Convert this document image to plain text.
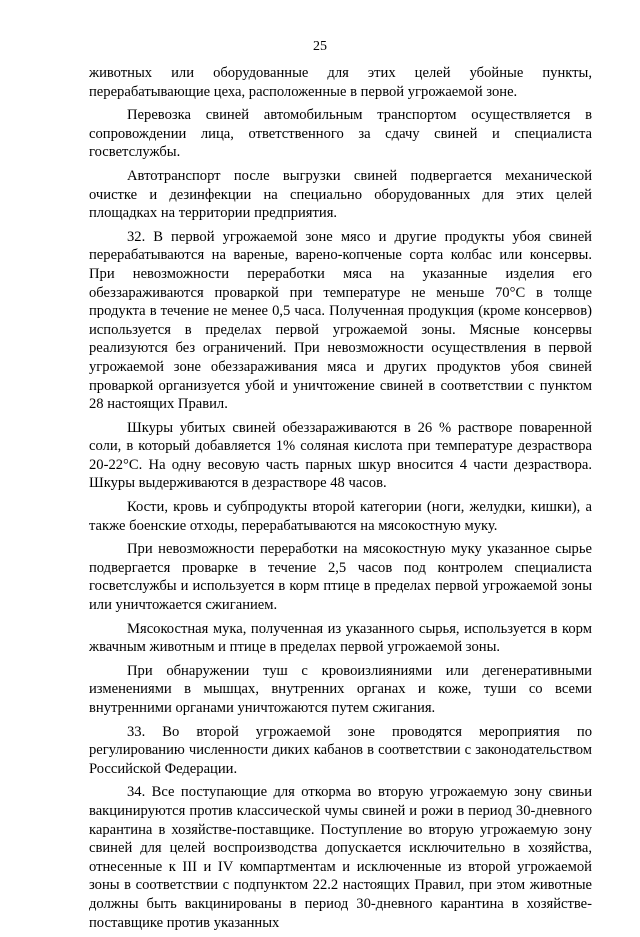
25

животных или оборудованные для этих целей убойные пункты, перерабатывающие цеха, расположенные в первой угрожаемой зоне.

Перевозка свиней автомобильным транспортом осуществляется в сопровождении лица, ответственного за сдачу свиней и специалиста госветслужбы.

Автотранспорт после выгрузки свиней подвергается механической очистке и дезинфекции на специально оборудованных для этих целей площадках на территории предприятия.

32. В первой угрожаемой зоне мясо и другие продукты убоя свиней перерабатываются на вареные, варено-копченые сорта колбас или консервы. При невозможности переработки мяса на указанные изделия его обеззараживаются проваркой при температуре не меньше 70°С в толще продукта в течение не менее 0,5 часа. Полученная продукция (кроме консервов) используется в пределах первой угрожаемой зоны. Мясные консервы реализуются без ограничений. При невозможности осуществления в первой угрожаемой зоне обеззараживания мяса и других продуктов убоя свиней проваркой организуется убой и уничтожение свиней в соответствии с пунктом 28 настоящих Правил.

Шкуры убитых свиней обеззараживаются в 26 % растворе поваренной соли, в который добавляется 1% соляная кислота при температуре дезраствора 20-22°С. На одну весовую часть парных шкур вносится 4 части дезраствора. Шкуры выдерживаются в дезрастворе 48 часов.

Кости, кровь и субпродукты второй категории (ноги, желудки, кишки), а также боенские отходы, перерабатываются на мясокостную муку.

При невозможности переработки на мясокостную муку указанное сырье подвергается проварке в течение 2,5 часов под контролем специалиста госветслужбы и используется в корм птице в пределах первой угрожаемой зоны или уничтожается сжиганием.

Мясокостная мука, полученная из указанного сырья, используется в корм жвачным животным и птице в пределах первой угрожаемой зоны.

При обнаружении туш с кровоизлияниями или дегенеративными изменениями в мышцах, внутренних органах и коже, туши со всеми внутренними органами уничтожаются путем сжигания.

33. Во второй угрожаемой зоне проводятся мероприятия по регулированию численности диких кабанов в соответствии с законодательством Российской Федерации.

34. Все поступающие для откорма во вторую угрожаемую зону свиньи вакцинируются против классической чумы свиней и рожи в период 30-дневного карантина в хозяйстве-поставщике. Поступление во вторую угрожаемую зону свиней для целей воспроизводства допускается исключительно в хозяйства, отнесенные к III и IV компартментам и исключенные из второй угрожаемой зоны в соответствии с подпунктом 22.2 настоящих Правил, при этом животные должны быть вакцинированы в период 30-дневного карантина в хозяйстве-поставщике против указанных
